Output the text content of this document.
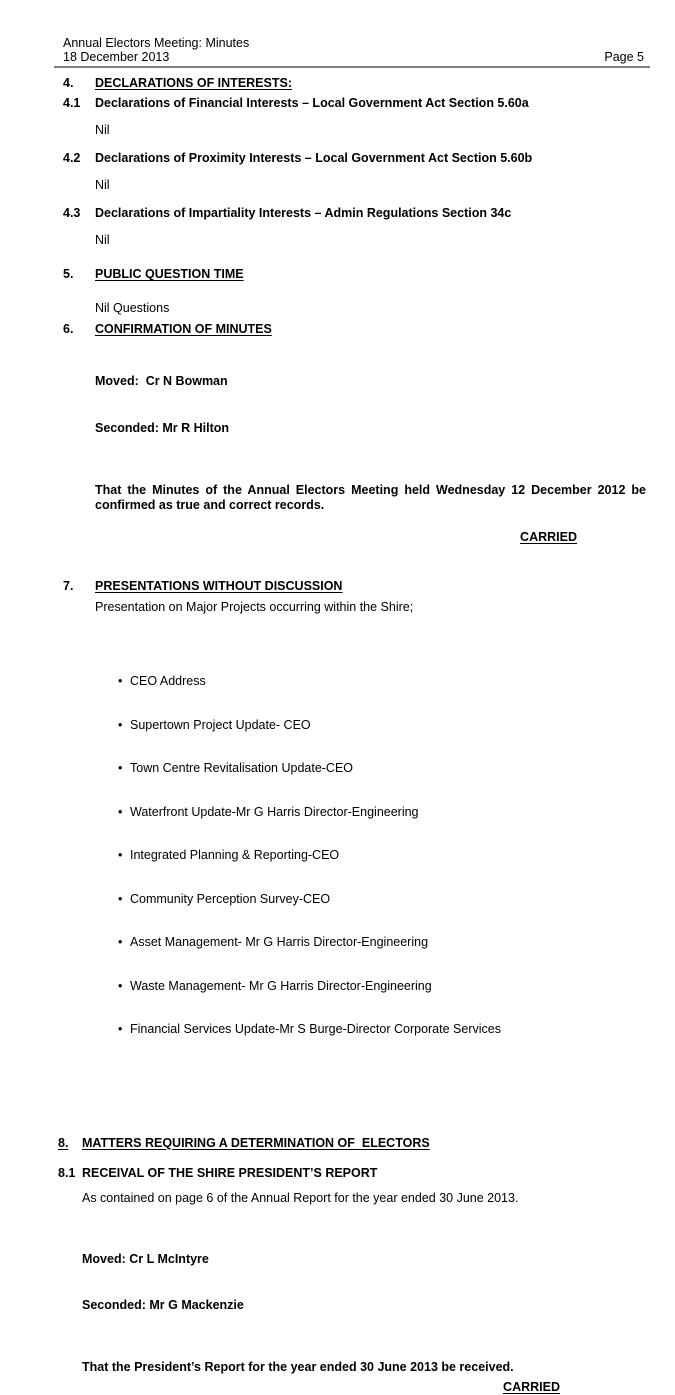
Annual Electors Meeting: Minutes
18 December 2013	Page 5
4.	DECLARATIONS OF INTERESTS:
4.1	Declarations of Financial Interests – Local Government Act Section 5.60a
Nil
4.2	Declarations of Proximity Interests – Local Government Act Section 5.60b
Nil
4.3	Declarations of Impartiality Interests – Admin Regulations Section 34c
Nil
5.	PUBLIC QUESTION TIME
Nil Questions
6.	CONFIRMATION OF MINUTES

Moved:  Cr N Bowman

Seconded: Mr R Hilton

That the Minutes of the Annual Electors Meeting held Wednesday 12 December 2012 be confirmed as true and correct records.
CARRIED
7.	PRESENTATIONS WITHOUT DISCUSSION
Presentation on Major Projects occurring within the Shire;

• CEO Address

• Supertown Project Update- CEO

• Town Centre Revitalisation Update-CEO

• Waterfront Update-Mr G Harris Director-Engineering

• Integrated Planning & Reporting-CEO

• Community Perception Survey-CEO

• Asset Management- Mr G Harris Director-Engineering

• Waste Management- Mr G Harris Director-Engineering

• Financial Services Update-Mr S Burge-Director Corporate Services

8.	MATTERS REQUIRING A DETERMINATION OF  ELECTORS
8.1 RECEIVAL OF THE SHIRE PRESIDENT’S REPORT
As contained on page 6 of the Annual Report for the year ended 30 June 2013.

Moved: Cr L McIntyre

Seconded: Mr G Mackenzie

That the President’s Report for the year ended 30 June 2013 be received.
CARRIED
